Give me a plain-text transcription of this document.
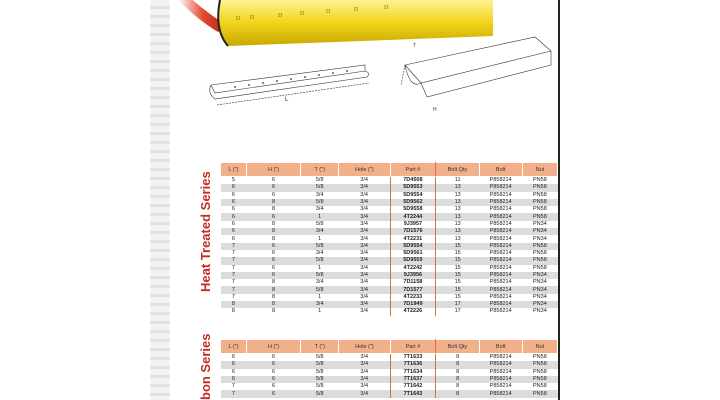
D D	D	D	D	D	D
L
T
H
Heat Treated Series
L (")	H (")	T (")	Hole (")	Part #	Bolt Qty	Bolt	Nut
5	6	5/8	3/4	7D4508	11	P858214	PN58
6	6	5/8	3/4	5D9553	13	P858214	PN58
6	6	3/4	3/4	5D9554	13	P858214	PN58
6	8	5/8	3/4	5D9562	13	P858214	PN58
6	8	3/4	3/4	5D9558	13	P858214	PN58
6	6	1	3/4	4T2244	13	P858214	PN58
6	8	5/8	3/4	9J3957	13	P858214	PN34
6	8	3/4	3/4	7D1576	13	P858214	PN34
6	8	1	3/4	4T2231	13	P858214	PN34
7	6	5/8	3/4	5D9554	15	P858214	PN58
7	6	3/4	3/4	5D9561	15	P858214	PN58
7	6	5/8	3/4	5D9559	15	P858214	PN58
7	6	1	3/4	4T2242	15	P858214	PN58
7	6	5/8	3/4	9J3956	15	P858214	PN34
7	8	3/4	3/4	7D1158	15	P858214	PN34
7	8	5/8	3/4	7D1577	15	P858214	PN34
7	8	1	3/4	4T2233	15	P858214	PN34
8	8	3/4	3/4	7D1949	17	P858214	PN34
8	8	1	3/4	4T2226	17	P858214	PN34
bon Series	L (")	H (")	T (")	Hole (")	Part #	Bolt Qty	Bolt	Nut
6	6	5/8	3/4	7T1633	8	P858214	PN58
6	6	5/8	3/4	7T1636	8	P858214	PN58
6	6	5/8	3/4	7T1634	8	P858214	PN58
6	6	5/8	3/4	7T1637	8	P858214	PN58
7	6	5/8	3/4	7T1642	8	P858214	PN58
7	6	5/8	3/4	7T1643	8	P858214	PN58
